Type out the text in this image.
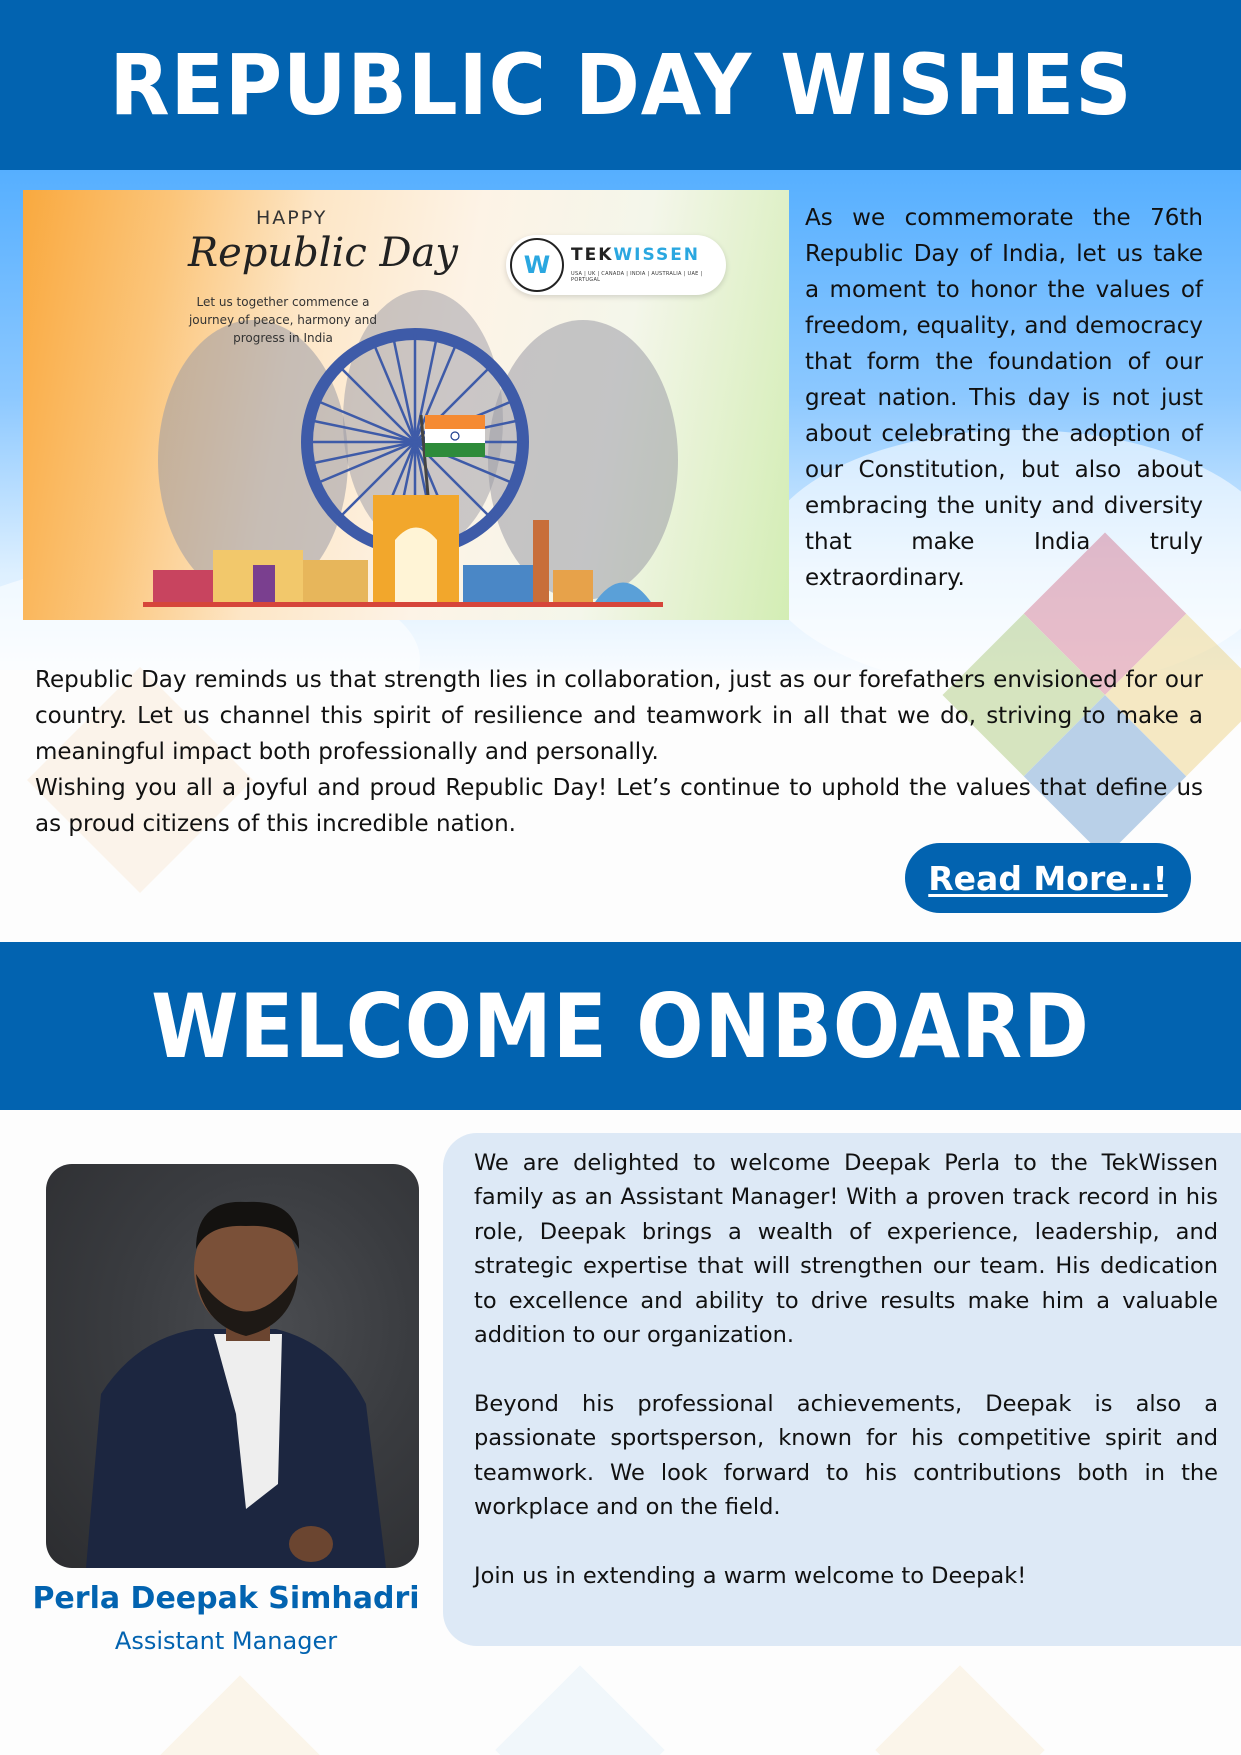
REPUBLIC DAY WISHES
HAPPY
Republic Day
Let us together commence a journey of peace, harmony and progress in India
W	TEKWISSEN
USA | UK | CANADA | INDIA | AUSTRALIA | UAE | PORTUGAL
As we commemorate the 76th Republic Day of India, let us take a moment to honor the values of freedom, equality, and democracy that form the foundation of our great nation. This day is not just about celebrating the adoption of our Constitution, but also about embracing the unity and diversity that make India truly extraordinary.

Republic Day reminds us that strength lies in collaboration, just as our forefathers envisioned for our country. Let us channel this spirit of resilience and teamwork in all that we do, striving to make a meaningful impact both professionally and personally.

Wishing you all a joyful and proud Republic Day! Let’s continue to uphold the values that define us as proud citizens of this incredible nation.

Read More..!
WELCOME ONBOARD
Perla Deepak Simhadri
Assistant Manager

We are delighted to welcome Deepak Perla to the TekWissen family as an Assistant Manager! With a proven track record in his role, Deepak brings a wealth of experience, leadership, and strategic expertise that will strengthen our team. His dedication to excellence and ability to drive results make him a valuable addition to our organization.

Beyond his professional achievements, Deepak is also a passionate sportsperson, known for his competitive spirit and teamwork. We look forward to his contributions both in the workplace and on the field.

Join us in extending a warm welcome to Deepak!
